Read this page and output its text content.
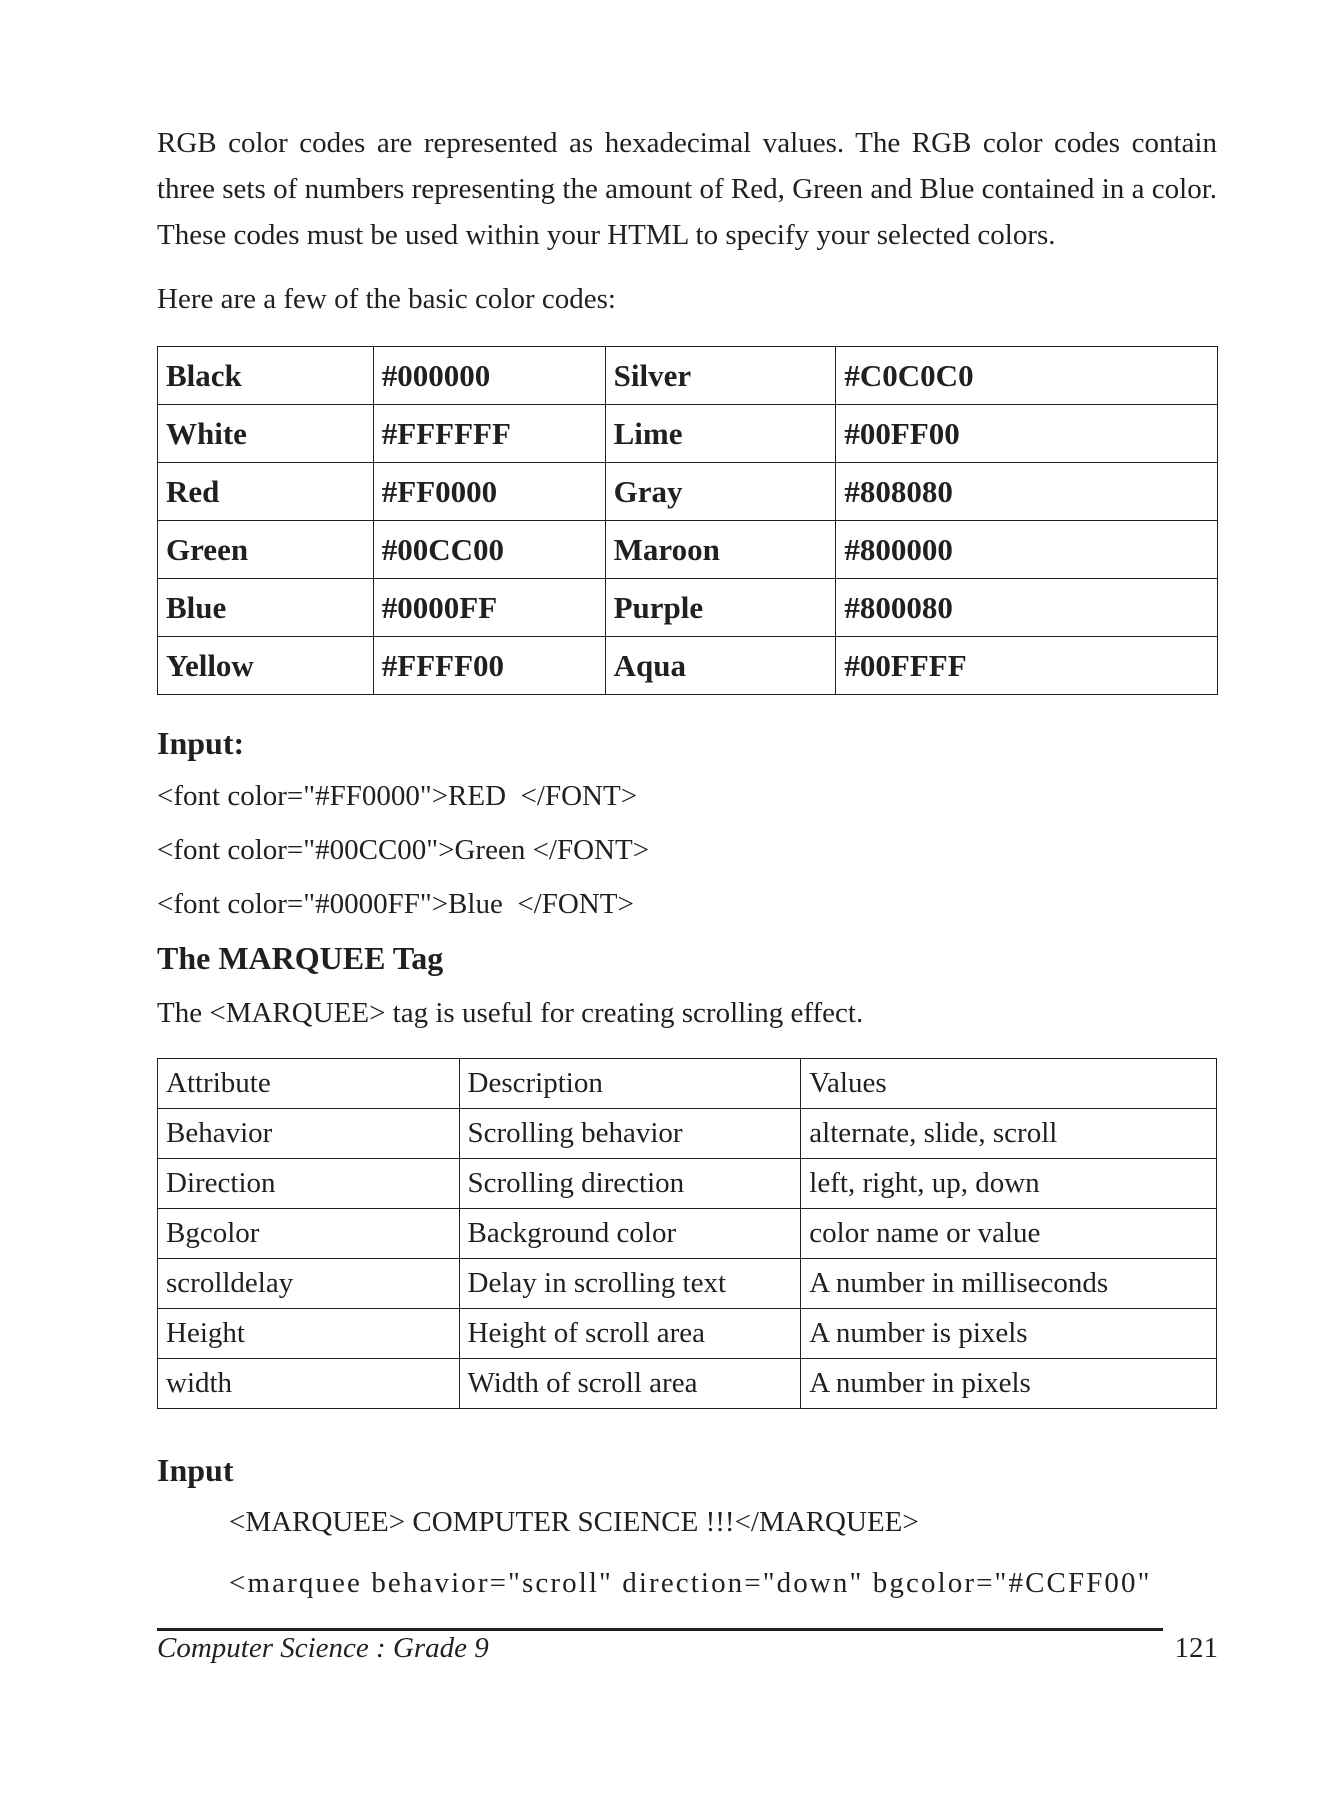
RGB color codes are represented as hexadecimal values. The RGB color codes contain three sets of numbers representing the amount of Red, Green and Blue contained in a color. These codes must be used within your HTML to specify your selected colors.

Here are a few of the basic color codes:

Black	#000000	Silver	#C0C0C0
White	#FFFFFF	Lime	#00FF00
Red	#FF0000	Gray	#808080
Green	#00CC00	Maroon	#800000
Blue	#0000FF	Purple	#800080
Yellow	#FFFF00	Aqua	#00FFFF

Input:

<font color="#FF0000">RED  </FONT>

<font color="#00CC00">Green </FONT>

<font color="#0000FF">Blue  </FONT>

The MARQUEE Tag

The <MARQUEE> tag is useful for creating scrolling effect.

Attribute	Description	Values
Behavior	Scrolling behavior	alternate, slide, scroll
Direction	Scrolling direction	left, right, up, down
Bgcolor	Background color	color name or value
scrolldelay	Delay in scrolling text	A number in milliseconds
Height	Height of scroll area	A number is pixels
width	Width of scroll area	A number in pixels

Input

<MARQUEE> COMPUTER SCIENCE !!!</MARQUEE>

<marquee behavior="scroll" direction="down" bgcolor="#CCFF00"

Computer Science : Grade 9	121
